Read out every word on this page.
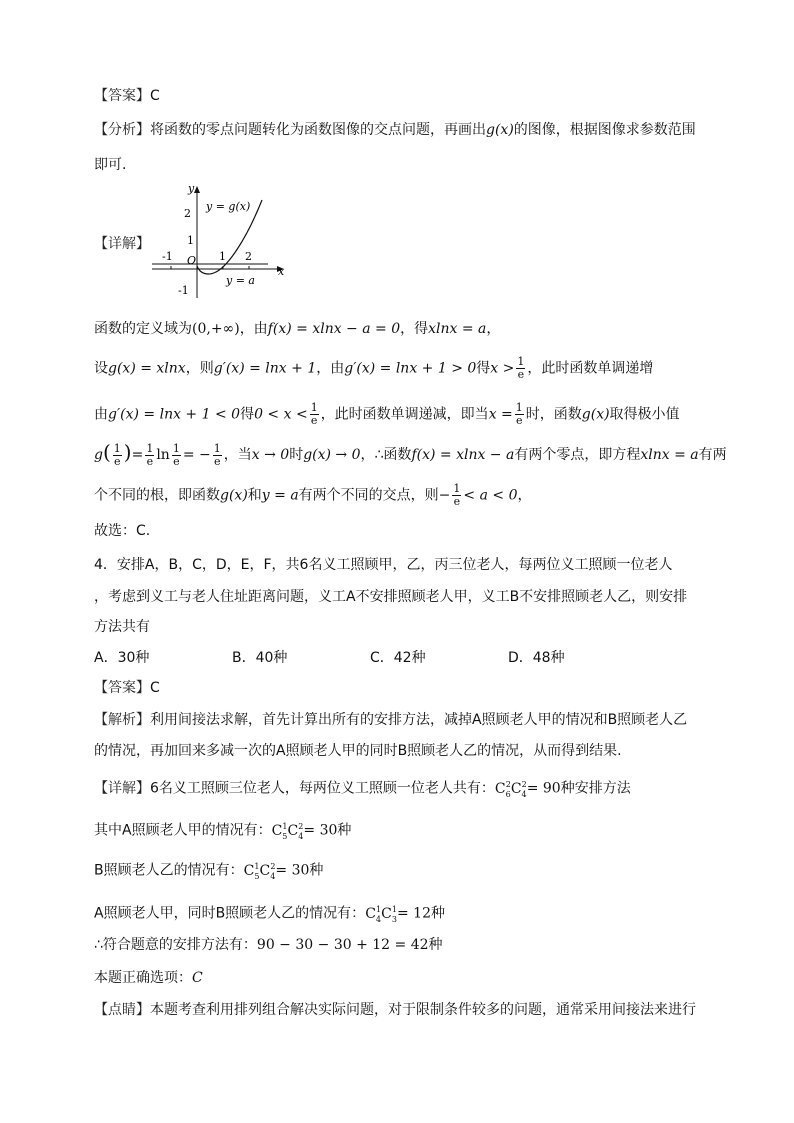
【答案】C
【分析】将函数的零点问题转化为函数图像的交点问题，再画出g(x)的图像，根据图像求参数范围
即可.
【详解】
y
x
O
2
1
-1
-1	1 2
y = g(x)
y = a
函数的定义域为(0,+∞)，由f(x) = xlnx − a = 0，得xlnx = a，
设g(x) = xlnx，则g′(x) = lnx + 1，由g′(x) = lnx + 1 > 0得$x > \frac{1}{e}$ ，此时函数单调递增
由g′(x) = lnx + 1 < 0得$0 < x < \frac{1}{e}$ ，此时函数单调递减，即当$x = \frac{1}{e}$ 时，函数g(x)取得极小值
$g( \frac{1}{e}$ )= $\frac{1}{e}$ $\ln \frac{1}{e}$ = − $\frac{1}{e}$ ，当x → 0时g(x) → 0，∴函数f(x) = xlnx − a有两个零点，即方程xlnx = a有两
个不同的根，即函数g(x)和y = a有两个不同的交点，则− $\frac{1}{e} < a < 0$，
故选：C.
4．安排A，B，C，D，E，F，共6名义工照顾甲，乙，丙三位老人，每两位义工照顾一位老人
，考虑到义工与老人住址距离问题，义工A不安排照顾老人甲，义工B不安排照顾老人乙，则安排
方法共有
A．30种	B．40种	C．42种	D．48种
【答案】C
【解析】利用间接法求解，首先计算出所有的安排方法，减掉A照顾老人甲的情况和B照顾老人乙
的情况，再加回来多减一次的A照顾老人甲的同时B照顾老人乙的情况，从而得到结果.
【详解】6名义工照顾三位老人，每两位义工照顾一位老人共有：$C_6^2C_4^2= 90$种安排方法
其中A照顾老人甲的情况有：$C_5^1C_4^2= 30$种
B照顾老人乙的情况有：$C_5^1C_4^2= 30$种
A照顾老人甲，同时B照顾老人乙的情况有：$C_4^1C_3^1= 12$种
∴符合题意的安排方法有：90 − 30 − 30 + 12 = 42种
本题正确选项：C
【点睛】本题考查利用排列组合解决实际问题，对于限制条件较多的问题，通常采用间接法来进行
